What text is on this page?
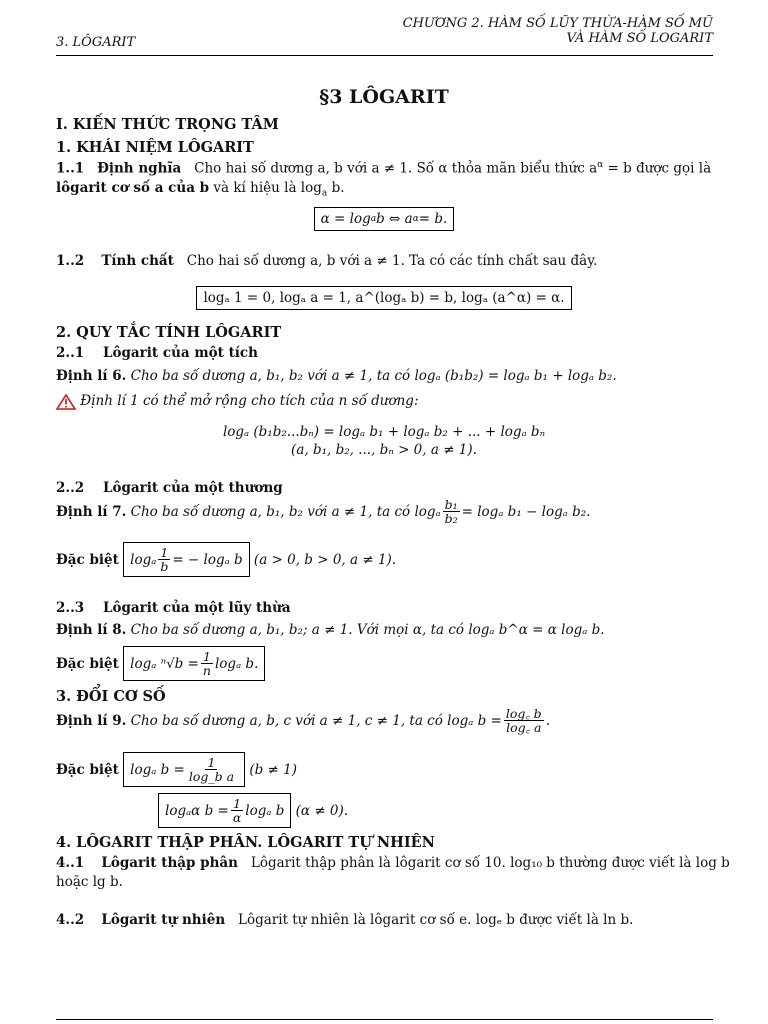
CHƯƠNG 2. HÀM SỐ LŨY THỪA-HÀM SỐ MŨ
VÀ HÀM SỐ LOGARIT
3. LÔGARIT
§3 LÔGARIT
I. KIẾN THỨC TRỌNG TÂM
1. KHÁI NIỆM LÔGARIT
1..1 Định nghĩa Cho hai số dương a, b với a ≠ 1. Số α thỏa mãn biểu thức $a^\alpha = b$ được gọi là
lôgarit cơ số a của b và kí hiệu là $\log_a b$.
α = log a b ⇔ a α = b.
1..2 Tính chất Cho hai số dương a, b với a ≠ 1. Ta có các tính chất sau đây.
logₐ 1 = 0, logₐ a = 1, a^(logₐ b) = b, logₐ (a^α) = α.
2. QUY TẮC TÍNH LÔGARIT
2..1 Lôgarit của một tích
Định lí 6. Cho ba số dương a, b₁, b₂ với a ≠ 1, ta có logₐ (b₁b₂) = logₐ b₁ + logₐ b₂.
Định lí 1 có thể mở rộng cho tích của n số dương:
logₐ (b₁b₂...bₙ) = logₐ b₁ + logₐ b₂ + ... + logₐ bₙ
(a, b₁, b₂, ..., bₙ > 0, a ≠ 1).
2..2 Lôgarit của một thương
Định lí 7.
Cho ba số dương a, b₁, b₂ với a ≠ 1, ta có logₐ $\frac{\text{b₁}}{\text{b₂}} = \log_a$ b₁ − logₐ b₂.
Đặc biệt
logₐ $\frac{1}{b}$ = − logₐ b
(a > 0, b > 0, a ≠ 1).
2..3 Lôgarit của một lũy thừa
Định lí 8. Cho ba số dương a, b₁, b₂; a ≠ 1. Với mọi α, ta có logₐ b^α = α logₐ b.
Đặc biệt
logₐ $^n√b = \frac{1}{n}$ logₐ b.
3. ĐỔI CƠ SỐ
Định lí 9.
Cho ba số dương a, b, c với a ≠ 1, c ≠ 1, ta có logₐ $b = \frac{\log꜀ b}{\log꜀ a}$ .
Đặc biệt
logₐ $b = \frac{1}{\text{log\_b a}}$
(b ≠ 1)
logₐα $b = \frac{1}{\alpha}$ logₐ b
(α ≠ 0).
4. LÔGARIT THẬP PHÂN. LÔGARIT TỰ NHIÊN
4..1 Lôgarit thập phân Lôgarit thập phân là lôgarit cơ số 10. log₁₀ b thường được viết là log b
hoặc lg b.
4..2 Lôgarit tự nhiên Lôgarit tự nhiên là lôgarit cơ số e. logₑ b được viết là ln b.
